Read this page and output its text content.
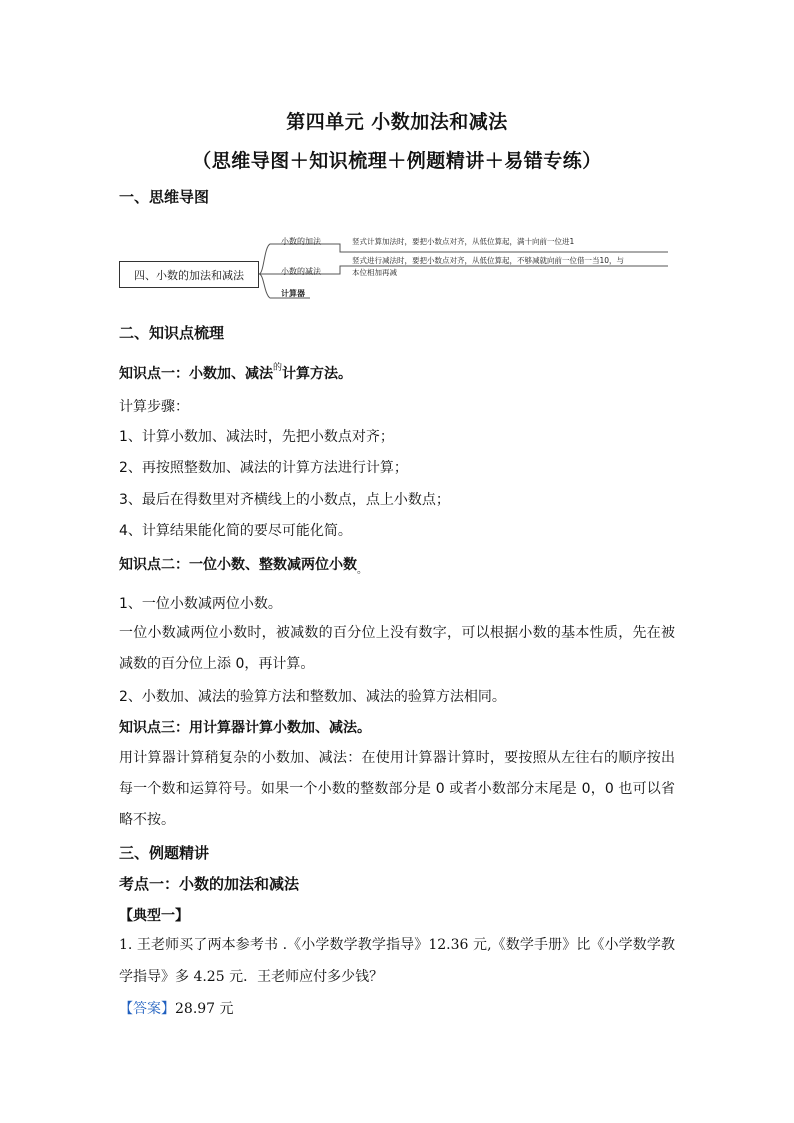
第四单元 小数加法和减法
（思维导图＋知识梳理＋例题精讲＋易错专练）
一、思维导图
四、小数的加法和减法
小数的加法	竖式计算加法时，要把小数点对齐，从低位算起，满十向前一位进1
小数的减法
竖式进行减法时，要把小数点对齐，从低位算起，不够减就向前一位借一当10，与
本位相加再减
计算器
二、知识点梳理
知识点一：小数加、减法$^的$计算方法。
计算步骤：
1、计算小数加、减法时，先把小数点对齐；
2、再按照整数加、减法的计算方法进行计算；
3、最后在得数里对齐横线上的小数点，点上小数点；
4、计算结果能化简的要尽可能化简。
知识点二：一位小数、整数减两位小数$_。$
1、一位小数减两位小数。
一位小数减两位小数时，被减数的百分位上没有数字，可以根据小数的基本性质，先在被减数的百分位上添 0，再计算。
2、小数加、减法的验算方法和整数加、减法的验算方法相同。
知识点三：用计算器计算小数加、减法。
用计算器计算稍复杂的小数加、减法：在使用计算器计算时，要按照从左往右的顺序按出每一个数和运算符号。如果一个小数的整数部分是 0 或者小数部分末尾是 0，0 也可以省略不按。
三、例题精讲
考点一：小数的加法和减法
【典型一】
1. 王老师买了两本参考书 .《小学数学教学指导》12.36 元,《数学手册》比《小学数学教学指导》多 4.25 元．王老师应付多少钱？
【答案】28.97 元
